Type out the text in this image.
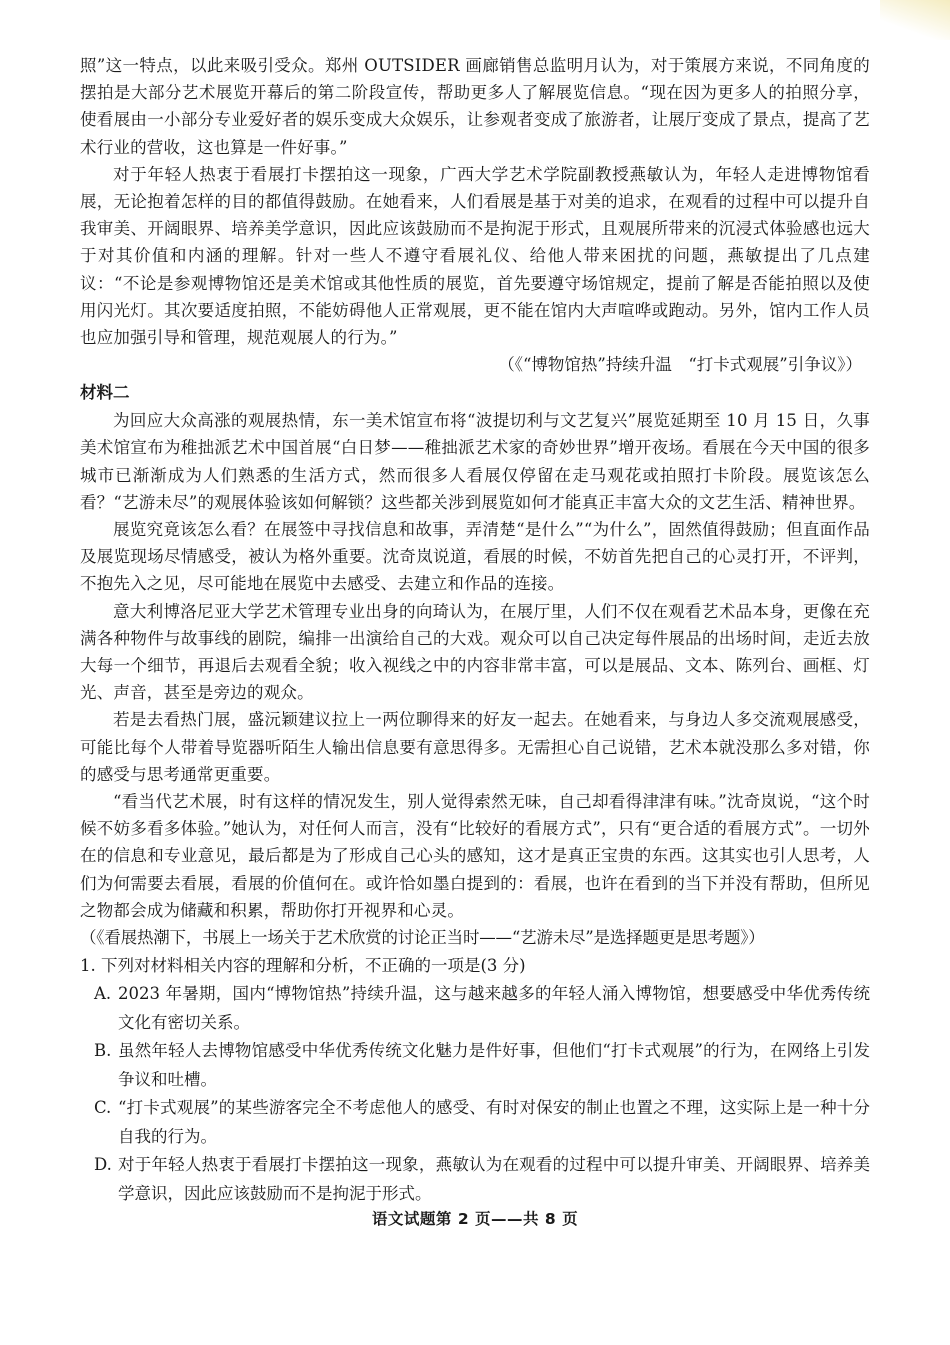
照”这一特点，以此来吸引受众。郑州 OUTSIDER 画廊销售总监明月认为，对于策展方来说，不同角度的摆拍是大部分艺术展览开幕后的第二阶段宣传，帮助更多人了解展览信息。“现在因为更多人的拍照分享，使看展由一小部分专业爱好者的娱乐变成大众娱乐，让参观者变成了旅游者，让展厅变成了景点，提高了艺术行业的营收，这也算是一件好事。”

对于年轻人热衷于看展打卡摆拍这一现象，广西大学艺术学院副教授燕敏认为，年轻人走进博物馆看展，无论抱着怎样的目的都值得鼓励。在她看来，人们看展是基于对美的追求，在观看的过程中可以提升自我审美、开阔眼界、培养美学意识，因此应该鼓励而不是拘泥于形式，且观展所带来的沉浸式体验感也远大于对其价值和内涵的理解。针对一些人不遵守看展礼仪、给他人带来困扰的问题，燕敏提出了几点建议：“不论是参观博物馆还是美术馆或其他性质的展览，首先要遵守场馆规定，提前了解是否能拍照以及使用闪光灯。其次要适度拍照，不能妨碍他人正常观展，更不能在馆内大声喧哗或跑动。另外，馆内工作人员也应加强引导和管理，规范观展人的行为。”

（《“博物馆热”持续升温　“打卡式观展”引争议》）

材料二

为回应大众高涨的观展热情，东一美术馆宣布将“波提切利与文艺复兴”展览延期至 10 月 15 日，久事美术馆宣布为稚拙派艺术中国首展“白日梦——稚拙派艺术家的奇妙世界”增开夜场。看展在今天中国的很多城市已渐渐成为人们熟悉的生活方式，然而很多人看展仅停留在走马观花或拍照打卡阶段。展览该怎么看？“艺游未尽”的观展体验该如何解锁？这些都关涉到展览如何才能真正丰富大众的文艺生活、精神世界。

展览究竟该怎么看？在展签中寻找信息和故事，弄清楚“是什么”“为什么”，固然值得鼓励；但直面作品及展览现场尽情感受，被认为格外重要。沈奇岚说道，看展的时候，不妨首先把自己的心灵打开，不评判，不抱先入之见，尽可能地在展览中去感受、去建立和作品的连接。

意大利博洛尼亚大学艺术管理专业出身的向琦认为，在展厅里，人们不仅在观看艺术品本身，更像在充满各种物件与故事线的剧院，编排一出演给自己的大戏。观众可以自己决定每件展品的出场时间，走近去放大每一个细节，再退后去观看全貌；收入视线之中的内容非常丰富，可以是展品、文本、陈列台、画框、灯光、声音，甚至是旁边的观众。

若是去看热门展，盛沅颖建议拉上一两位聊得来的好友一起去。在她看来，与身边人多交流观展感受，可能比每个人带着导览器听陌生人输出信息要有意思得多。无需担心自己说错，艺术本就没那么多对错，你的感受与思考通常更重要。

“看当代艺术展，时有这样的情况发生，别人觉得索然无味，自己却看得津津有味。”沈奇岚说，“这个时候不妨多看多体验。”她认为，对任何人而言，没有“比较好的看展方式”，只有“更合适的看展方式”。一切外在的信息和专业意见，最后都是为了形成自己心头的感知，这才是真正宝贵的东西。这其实也引人思考，人们为何需要去看展，看展的价值何在。或许恰如墨白提到的：看展，也许在看到的当下并没有帮助，但所见之物都会成为储藏和积累，帮助你打开视界和心灵。

（《看展热潮下，书展上一场关于艺术欣赏的讨论正当时——“艺游未尽”是选择题更是思考题》）

1. 下列对材料相关内容的理解和分析，不正确的一项是(3 分)

A. 2023 年暑期，国内“博物馆热”持续升温，这与越来越多的年轻人涌入博物馆，想要感受中华优秀传统文化有密切关系。
B. 虽然年轻人去博物馆感受中华优秀传统文化魅力是件好事，但他们“打卡式观展”的行为，在网络上引发争议和吐槽。
C. “打卡式观展”的某些游客完全不考虑他人的感受、有时对保安的制止也置之不理，这实际上是一种十分自我的行为。
D. 对于年轻人热衷于看展打卡摆拍这一现象，燕敏认为在观看的过程中可以提升审美、开阔眼界、培养美学意识，因此应该鼓励而不是拘泥于形式。
语文试题第 2 页——共 8 页
